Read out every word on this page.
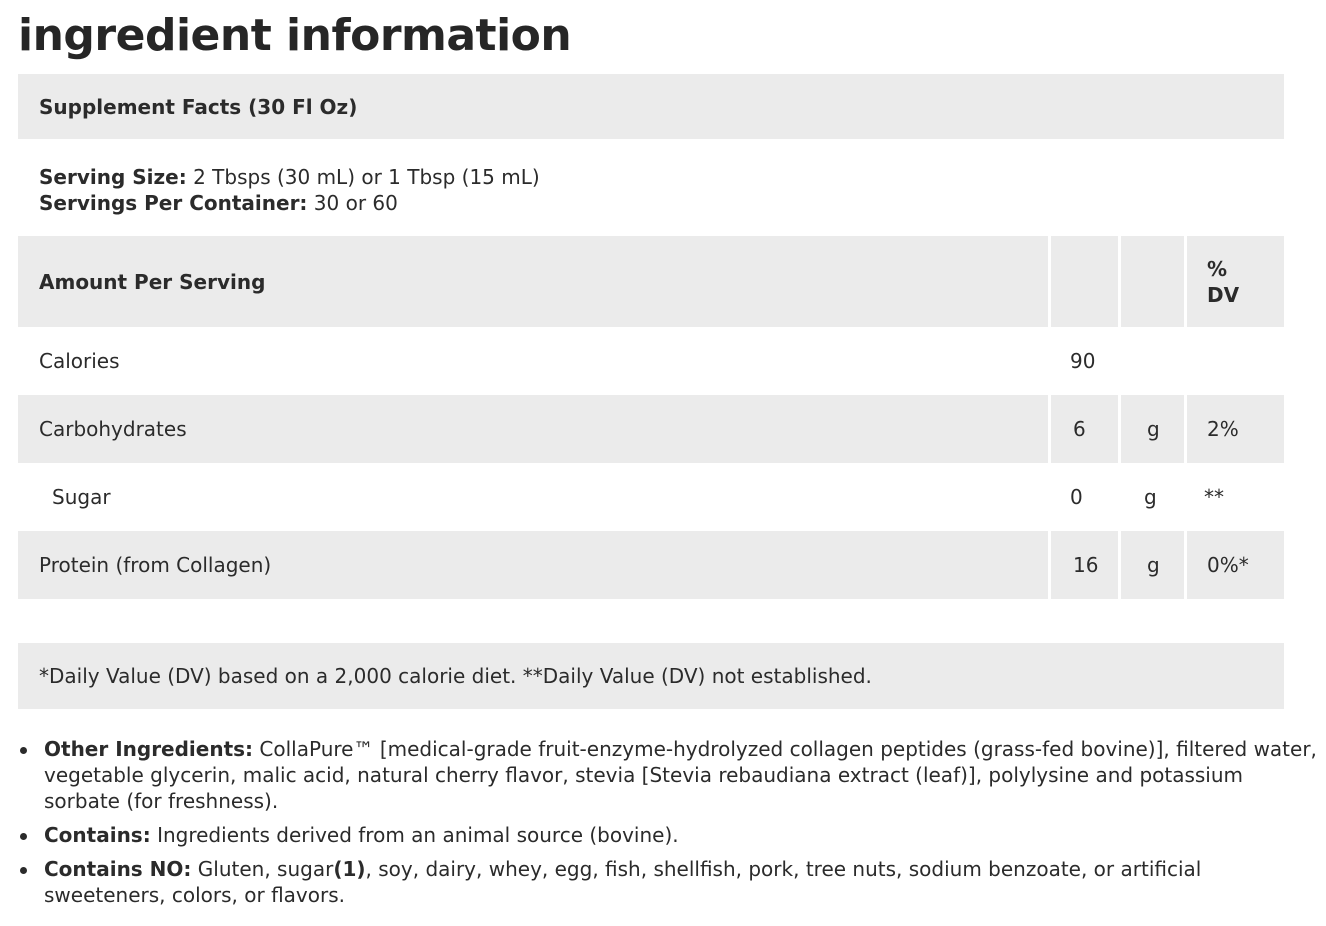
ingredient information
Supplement Facts (30 Fl Oz)
Serving Size: 2 Tbsps (30 mL) or 1 Tbsp (15 mL)
Servings Per Container: 30 or 60
Amount Per Serving			%
DV

Calories	90		
Carbohydrates	6	g	2%
Sugar	0	g	**
Protein (from Collagen)	16	g	0%*
*Daily Value (DV) based on a 2,000 calorie diet. **Daily Value (DV) not established.
Other Ingredients: CollaPure™ [medical-grade fruit-enzyme-hydrolyzed collagen peptides (grass-fed bovine)], filtered water, vegetable glycerin, malic acid, natural cherry flavor, stevia [Stevia rebaudiana extract (leaf)], polylysine and potassium sorbate (for freshness).
Contains: Ingredients derived from an animal source (bovine).
Contains NO: Gluten, sugar(1), soy, dairy, whey, egg, fish, shellfish, pork, tree nuts, sodium benzoate, or artificial sweeteners, colors, or flavors.
